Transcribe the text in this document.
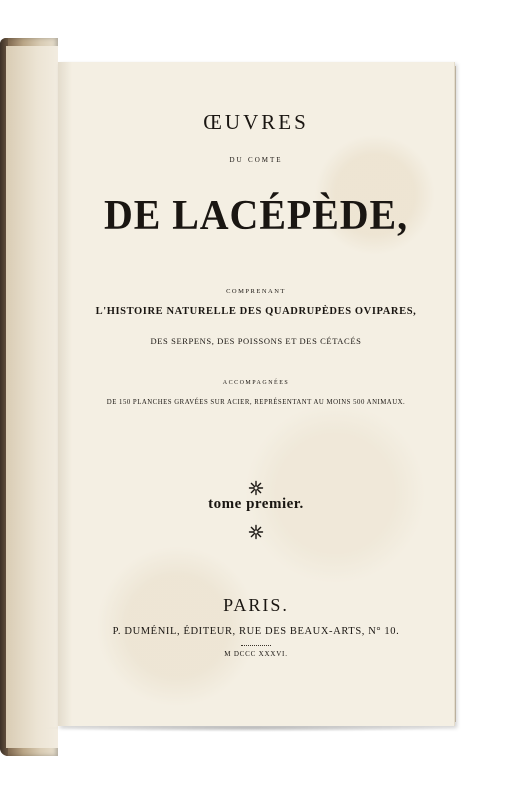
ŒUVRES
du comte
DE LACÉPÈDE,
COMPRENANT
L'HISTOIRE NATURELLE DES QUADRUPÈDES OVIPARES,
DES SERPENS, DES POISSONS ET DES CÉTACÉS
ACCOMPAGNÉES
DE 150 PLANCHES GRAVÉES SUR ACIER, REPRÉSENTANT AU MOINS 500 ANIMAUX.
tome premier.
PARIS.
P. DUMÉNIL, ÉDITEUR, RUE DES BEAUX-ARTS, N° 10.
M DCCC XXXVI.
